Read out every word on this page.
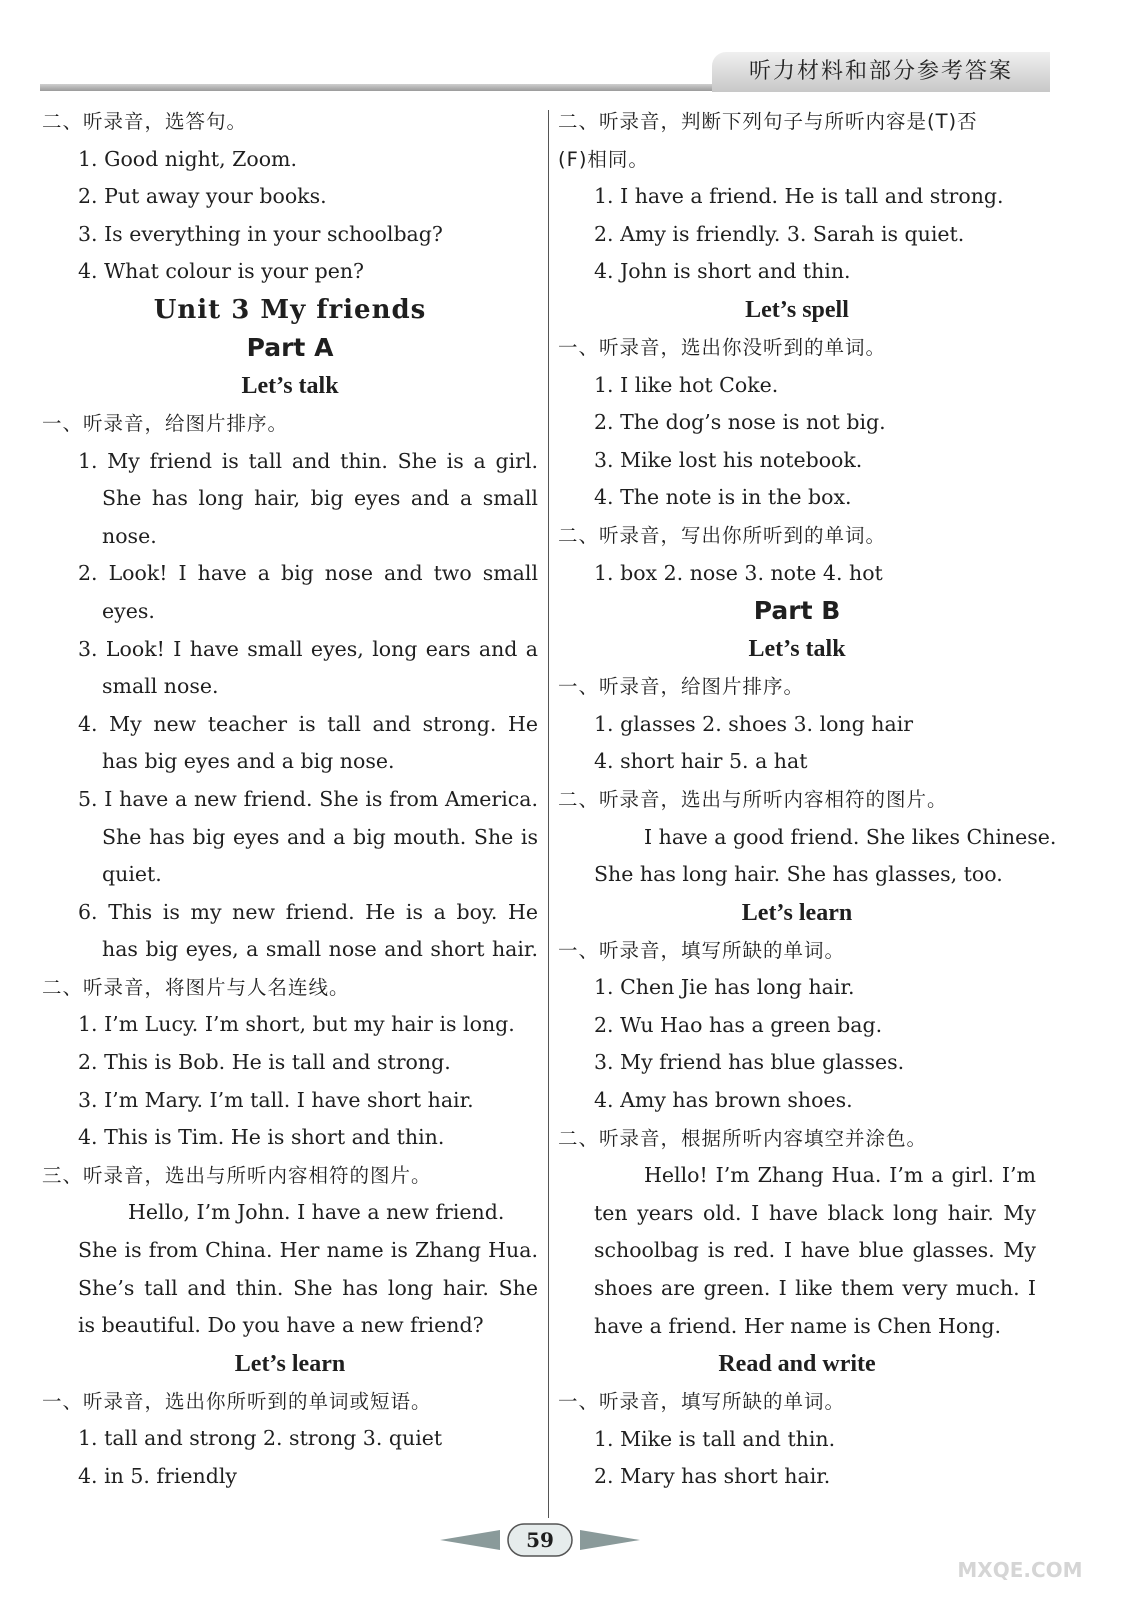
听力材料和部分参考答案
二、听录音，选答句。
1. Good night, Zoom.
2. Put away your books.
3. Is everything in your schoolbag?
4. What colour is your pen?
Unit 3 My friends
Part A
Let’s talk
一、听录音，给图片排序。
1. My friend is tall and thin. She is a girl.
She has long hair, big eyes and a small
nose.
2. Look! I have a big nose and two small
eyes.
3. Look! I have small eyes, long ears and a
small nose.
4. My new teacher is tall and strong. He
has big eyes and a big nose.
5. I have a new friend. She is from America.
She has big eyes and a big mouth. She is
quiet.
6. This is my new friend. He is a boy. He
has big eyes, a small nose and short hair.
二、听录音，将图片与人名连线。
1. I’m Lucy. I’m short, but my hair is long.
2. This is Bob. He is tall and strong.
3. I’m Mary. I’m tall. I have short hair.
4. This is Tim. He is short and thin.
三、听录音，选出与所听内容相符的图片。
Hello, I’m John. I have a new friend.
She is from China. Her name is Zhang Hua.
She’s tall and thin. She has long hair. She
is beautiful. Do you have a new friend?
Let’s learn
一、听录音，选出你所听到的单词或短语。
1. tall and strong 2. strong 3. quiet
4. in 5. friendly
二、听录音，判断下列句子与所听内容是(T)否
(F)相同。
1. I have a friend. He is tall and strong.
2. Amy is friendly. 3. Sarah is quiet.
4. John is short and thin.
Let’s spell
一、听录音，选出你没听到的单词。
1. I like hot Coke.
2. The dog’s nose is not big.
3. Mike lost his notebook.
4. The note is in the box.
二、听录音，写出你所听到的单词。
1. box 2. nose 3. note 4. hot
Part B
Let’s talk
一、听录音，给图片排序。
1. glasses 2. shoes 3. long hair
4. short hair 5. a hat
二、听录音，选出与所听内容相符的图片。
I have a good friend. She likes Chinese.
She has long hair. She has glasses, too.
Let’s learn
一、听录音，填写所缺的单词。
1. Chen Jie has long hair.
2. Wu Hao has a green bag.
3. My friend has blue glasses.
4. Amy has brown shoes.
二、听录音，根据所听内容填空并涂色。
Hello! I’m Zhang Hua. I’m a girl. I’m
ten years old. I have black long hair. My
schoolbag is red. I have blue glasses. My
shoes are green. I like them very much. I
have a friend. Her name is Chen Hong.
Read and write
一、听录音，填写所缺的单词。
1. Mike is tall and thin.
2. Mary has short hair.
59
MXQE.COM
